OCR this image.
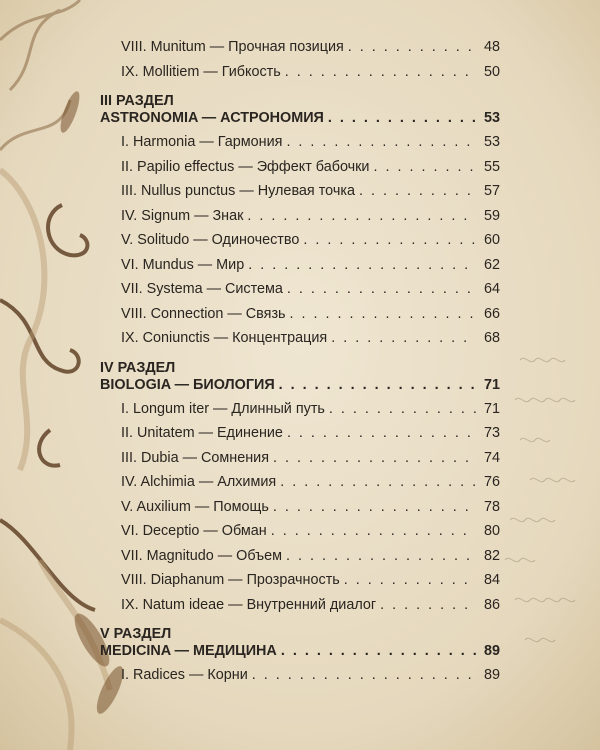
VIII. Munitum — Прочная позиция . . .	48
IX. Mollitiem — Гибкость . . .	50
III РАЗДЕЛ
ASTRONOMIA — АСТРОНОМИЯ . . .	53
I. Harmonia — Гармония . . .	53
II. Papilio effectus — Эффект бабочки . . .	55
III. Nullus punctus — Нулевая точка . . .	57
IV. Signum — Знак . . .	59
V. Solitudo — Одиночество . . .	60
VI. Mundus — Мир . . .	62
VII. Systema — Система . . .	64
VIII. Connection — Связь . . .	66
IX. Coniunctis — Концентрация . . .	68
IV РАЗДЕЛ
BIOLOGIA — БИОЛОГИЯ . . .	71
I. Longum iter — Длинный путь . . .	71
II. Unitatem — Единение . . .	73
III. Dubia — Сомнения . . .	74
IV. Alchimia — Алхимия . . .	76
V. Auxilium — Помощь . . .	78
VI. Deceptio — Обман . . .	80
VII. Magnitudo — Объем . . .	82
VIII. Diaphanum — Прозрачность . . .	84
IX. Natum ideae — Внутренний диалог . . .	86
V РАЗДЕЛ
MEDICINA — МЕДИЦИНА . . .	89
I. Radices — Корни . . .	89
